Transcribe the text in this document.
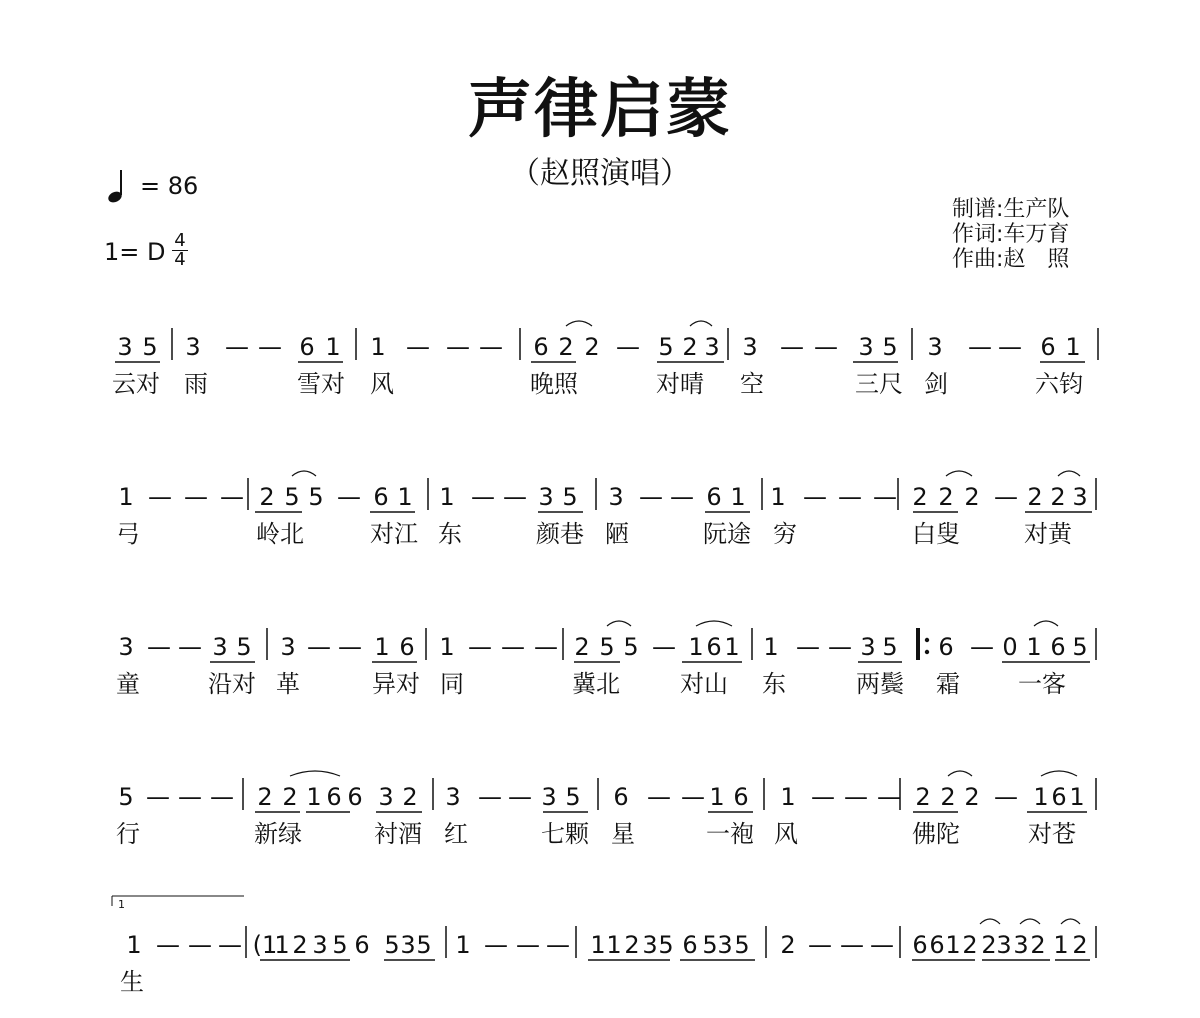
声律启蒙
（赵照演唱）
= 86
1= D 4
4
制谱:生产队
作词:车万育
作曲:赵　照
3 5 3 — — 6 1 1 — — — 6 2 2 — 5 2 3 3 — — 3 5 3 — — 6 1
云对 雨	雪对 风	晚照	对晴 空	三尺 剑	六钧
1 — — — 2 5 5 — 6 1 1 — — 3 5 3 — — 6 1 1 — — — 2 2 2 — 2 2 3
弓	岭北	对江 东	颜巷 陋	阮途 穷	白叟	对黄
3 — — 3 5 3 — — 1 6 1 — — — 2 5 5 — 1 6 1 1 — — 3 5 6 — 0 1 6 5
童	沿对 革	异对 同	冀北	对山 东	两鬓 霜 一客
5 — — — 2 2 1 6 6 3 2 3 — — 3 5 6 — — 1 6 1 — — — 2 2 2 — 1 6 1
行	新绿	衬酒 红	七颗 星	一袍 风	佛陀	对苍
1 — — — (1
1 2 3 5 6 5 3 5 1 — — — 1 1 2 3 5 6 5 3 5 2 — — — 6 6 1 2 2 3 3 2 1 2
生
1
